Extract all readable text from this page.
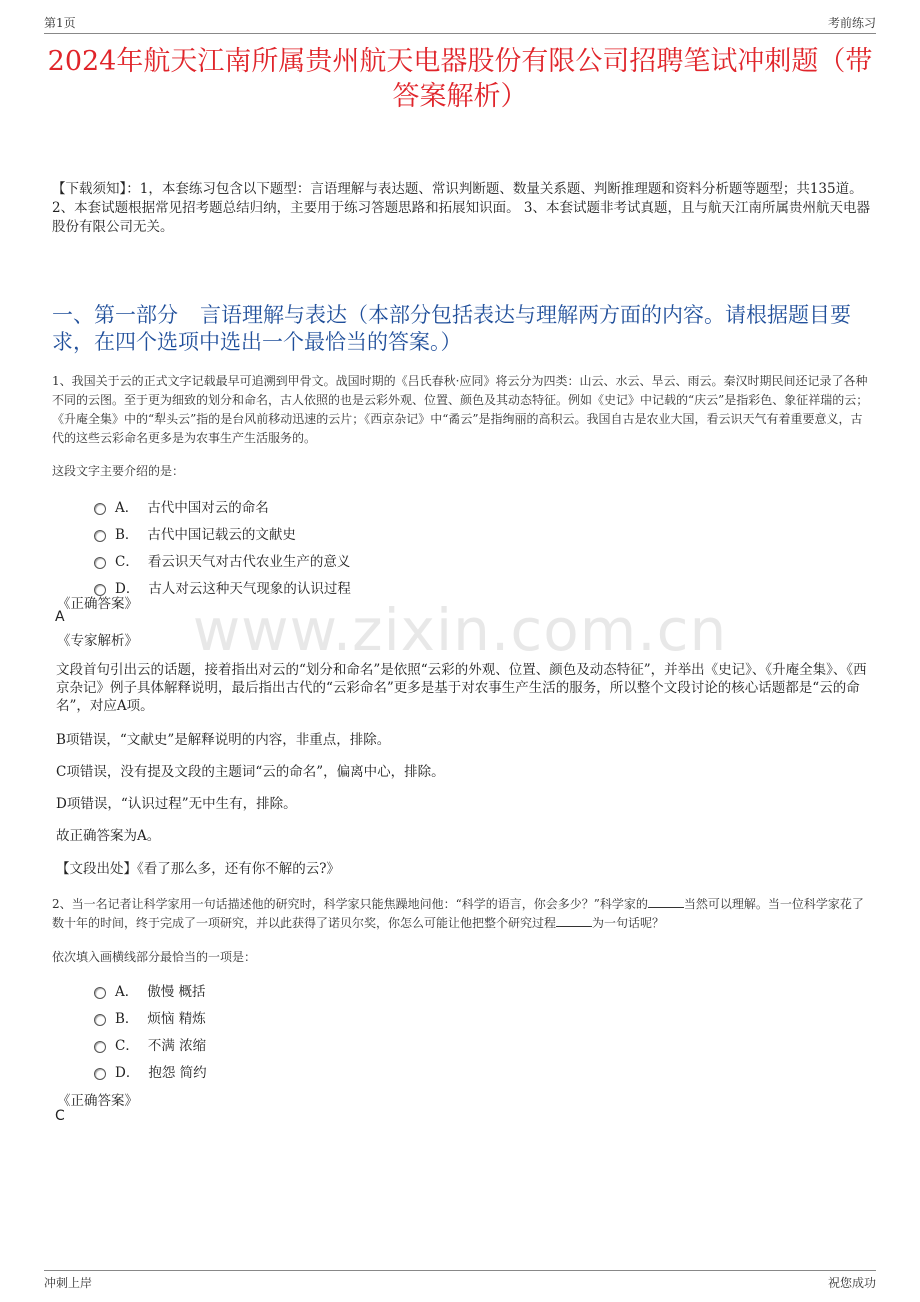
第1页	考前练习
2024年航天江南所属贵州航天电器股份有限公司招聘笔试冲刺题（带答案解析）
【下载须知】：1，本套练习包含以下题型：言语理解与表达题、常识判断题、数量关系题、判断推理题和资料分析题等题型；共135道。 2、本套试题根据常见招考题总结归纳，主要用于练习答题思路和拓展知识面。 3、本套试题非考试真题，且与航天江南所属贵州航天电器股份有限公司无关。
一、第一部分 言语理解与表达（本部分包括表达与理解两方面的内容。请根据题目要求，在四个选项中选出一个最恰当的答案。）
1、我国关于云的正式文字记载最早可追溯到甲骨文。战国时期的《吕氏春秋·应同》将云分为四类：山云、水云、旱云、雨云。秦汉时期民间还记录了各种不同的云图。至于更为细致的划分和命名，古人依照的也是云彩外观、位置、颜色及其动态特征。例如《史记》中记载的“庆云”是指彩色、象征祥瑞的云；《升庵全集》中的“犁头云”指的是台风前移动迅速的云片；《西京杂记》中“矞云”是指绚丽的高积云。我国自古是农业大国，看云识天气有着重要意义，古代的这些云彩命名更多是为农事生产生活服务的。
这段文字主要介绍的是：
A． 古代中国对云的命名
B． 古代中国记载云的文献史
C． 看云识天气对古代农业生产的意义
D． 古人对云这种天气现象的认识过程
《正确答案》
A	www.zixin.com.cn
《专家解析》
文段首句引出云的话题，接着指出对云的“划分和命名”是依照“云彩的外观、位置、颜色及动态特征”，并举出《史记》、《升庵全集》、《西京杂记》例子具体解释说明，最后指出古代的“云彩命名”更多是基于对农事生产生活的服务，所以整个文段讨论的核心话题都是“云的命名”，对应A项。
B项错误，“文献史”是解释说明的内容，非重点，排除。
C项错误，没有提及文段的主题词“云的命名”，偏离中心，排除。
D项错误，“认识过程”无中生有，排除。
故正确答案为A。
【文段出处】《看了那么多，还有你不解的云?》
2、当一名记者让科学家用一句话描述他的研究时，科学家只能焦躁地问他：“科学的语言，你会多少？”科学家的	当然可以理解。当一位科学家花了数十年的时间，终于完成了一项研究，并以此获得了诺贝尔奖，你怎么可能让他把整个研究过程	为一句话呢？
依次填入画横线部分最恰当的一项是：
A． 傲慢 概括
B． 烦恼 精炼
C． 不满 浓缩
D． 抱怨 简约
《正确答案》
C
冲刺上岸	祝您成功
